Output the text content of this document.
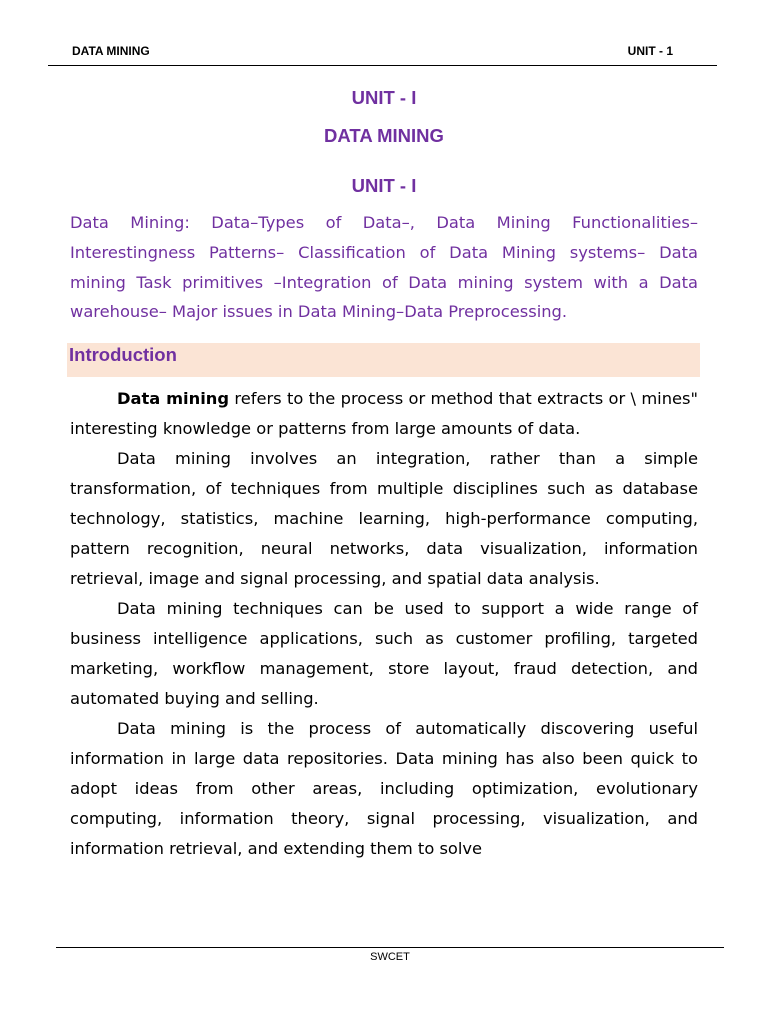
DATA MINING	UNIT - 1
UNIT - I
DATA MINING
UNIT - I
Data Mining: Data–Types of Data–, Data Mining Functionalities–Interestingness Patterns– Classification of Data Mining systems– Data mining Task primitives –Integration of Data mining system with a Data warehouse– Major issues in Data Mining–Data Preprocessing.
Introduction

Data mining refers to the process or method that extracts or \ mines" interesting knowledge or patterns from large amounts of data.

Data mining involves an integration, rather than a simple transformation, of techniques from multiple disciplines such as database technology, statistics, machine learning, high-performance computing, pattern recognition, neural networks, data visualization, information retrieval, image and signal processing, and spatial data analysis.

Data mining techniques can be used to support a wide range of business intelligence applications, such as customer profiling, targeted marketing, workflow management, store layout, fraud detection, and automated buying and selling.

Data mining is the process of automatically discovering useful information in large data repositories. Data mining has also been quick to adopt ideas from other areas, including optimization, evolutionary computing, information theory, signal processing, visualization, and information retrieval, and extending them to solve

SWCET
